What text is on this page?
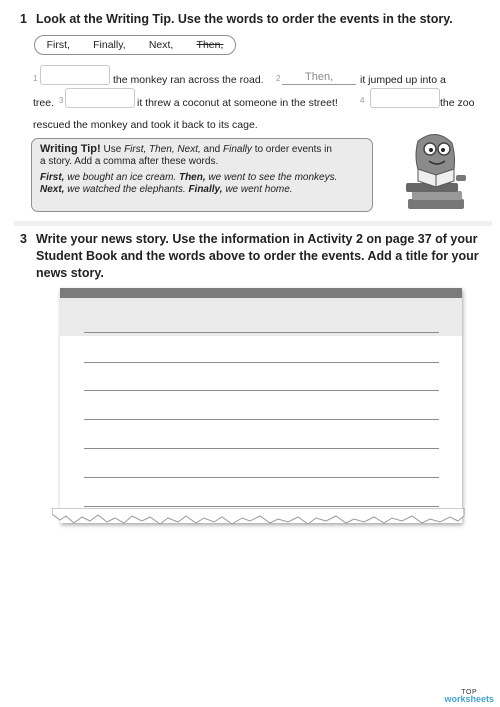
1 Look at the Writing Tip. Use the words to order the events in the story.
First, Finally, Next, Then,
1	the monkey ran across the road. 2 Then,	it jumped up into a
tree. 3	it threw a coconut at someone in the street!	4	the zoo
rescued the monkey and took it back to its cage.
Writing Tip! Use First, Then, Next, and Finally to order events in
a story. Add a comma after these words.
First, we bought an ice cream. Then, we went to see the monkeys.
Next, we watched the elephants. Finally, we went home.
3 Write your news story. Use the information in Activity 2 on page 37 of your
Student Book and the words above to order the events. Add a title for your
news story.
TOP
worksheets
